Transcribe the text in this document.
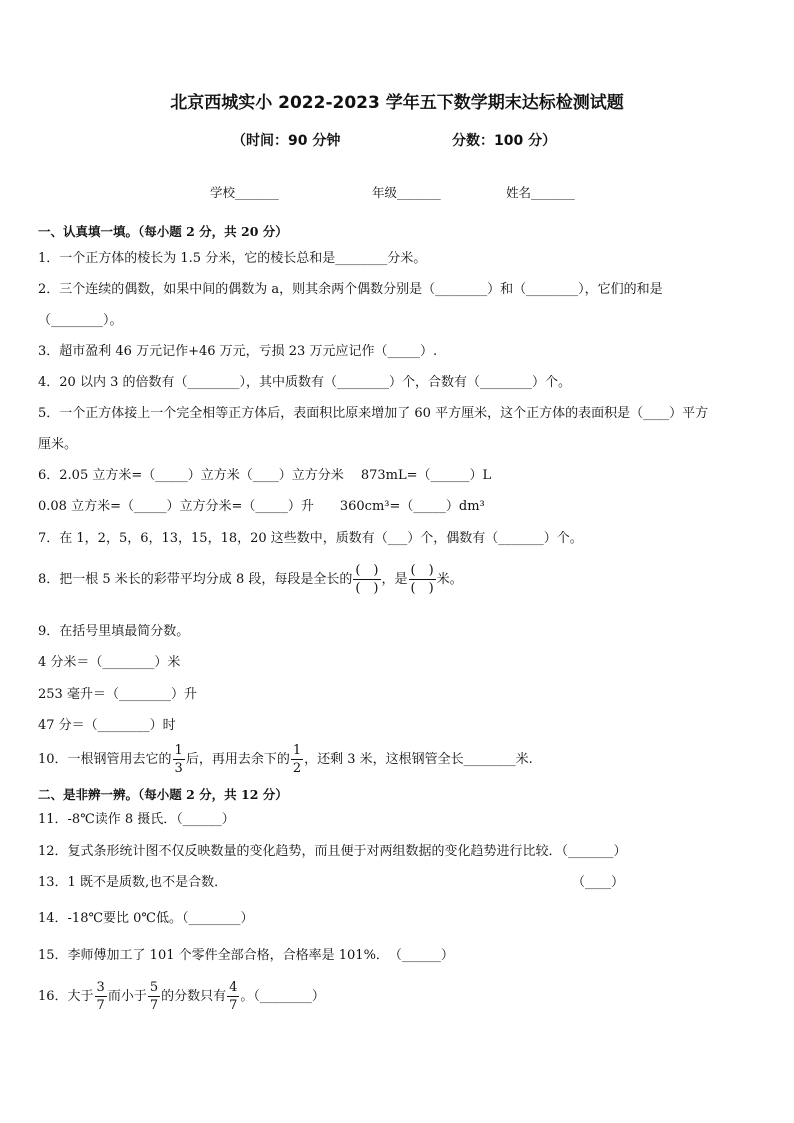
北京西城实小 2022-2023 学年五下数学期末达标检测试题
（时间：90 分钟	分数：100 分）
学校_______	年级_______	姓名_______
一、认真填一填。（每小题 2 分，共 20 分）
1．一个正方体的棱长为 1.5 分米，它的棱长总和是________分米。
2．三个连续的偶数，如果中间的偶数为 a，则其余两个偶数分别是（________）和（________），它们的和是
（________）。
3．超市盈利 46 万元记作+46 万元，亏损 23 万元应记作（_____）.
4．20 以内 3 的倍数有（________），其中质数有（________）个，合数有（________）个。
5．一个正方体接上一个完全相等正方体后，表面积比原来增加了 60 平方厘米，这个正方体的表面积是（____）平方
厘米。
6．2.05 立方米=（_____）立方米（____）立方分米　 873mL=（______）L
0.08 立方米=（_____）立方分米=（_____）升　　360cm³=（_____）dm³
7．在 1，2，5，6，13，15，18，20 这些数中，质数有（___）个，偶数有（_______）个。
8．把一根 5 米长的彩带平均分成 8 段，每段是全长的 $\frac{( )}{( )}$ ，是 $\frac{( )}{( )}$ 米。
9．在括号里填最简分数。
4 分米＝（________）米
253 毫升＝（________）升
47 分＝（________）时
10．一根钢管用去它的 $\frac{1}{3}$ 后，再用去余下的 $\frac{1}{2}$ ，还剩 3 米，这根钢管全长________米.
二、是非辨一辨。（每小题 2 分，共 12 分）
11．-8℃读作 8 摄氏．（______）
12．复式条形统计图不仅反映数量的变化趋势，而且便于对两组数据的变化趋势进行比较．（_______）
13．1 既不是质数,也不是合数．	（____）
14．-18℃要比 0℃低。（________）
15．李师傅加工了 101 个零件全部合格，合格率是 101%．　（______）
16．大于 $\frac{3}{7}$ 而小于 $\frac{5}{7}$ 的分数只有 $\frac{4}{7}$ 。（________）
